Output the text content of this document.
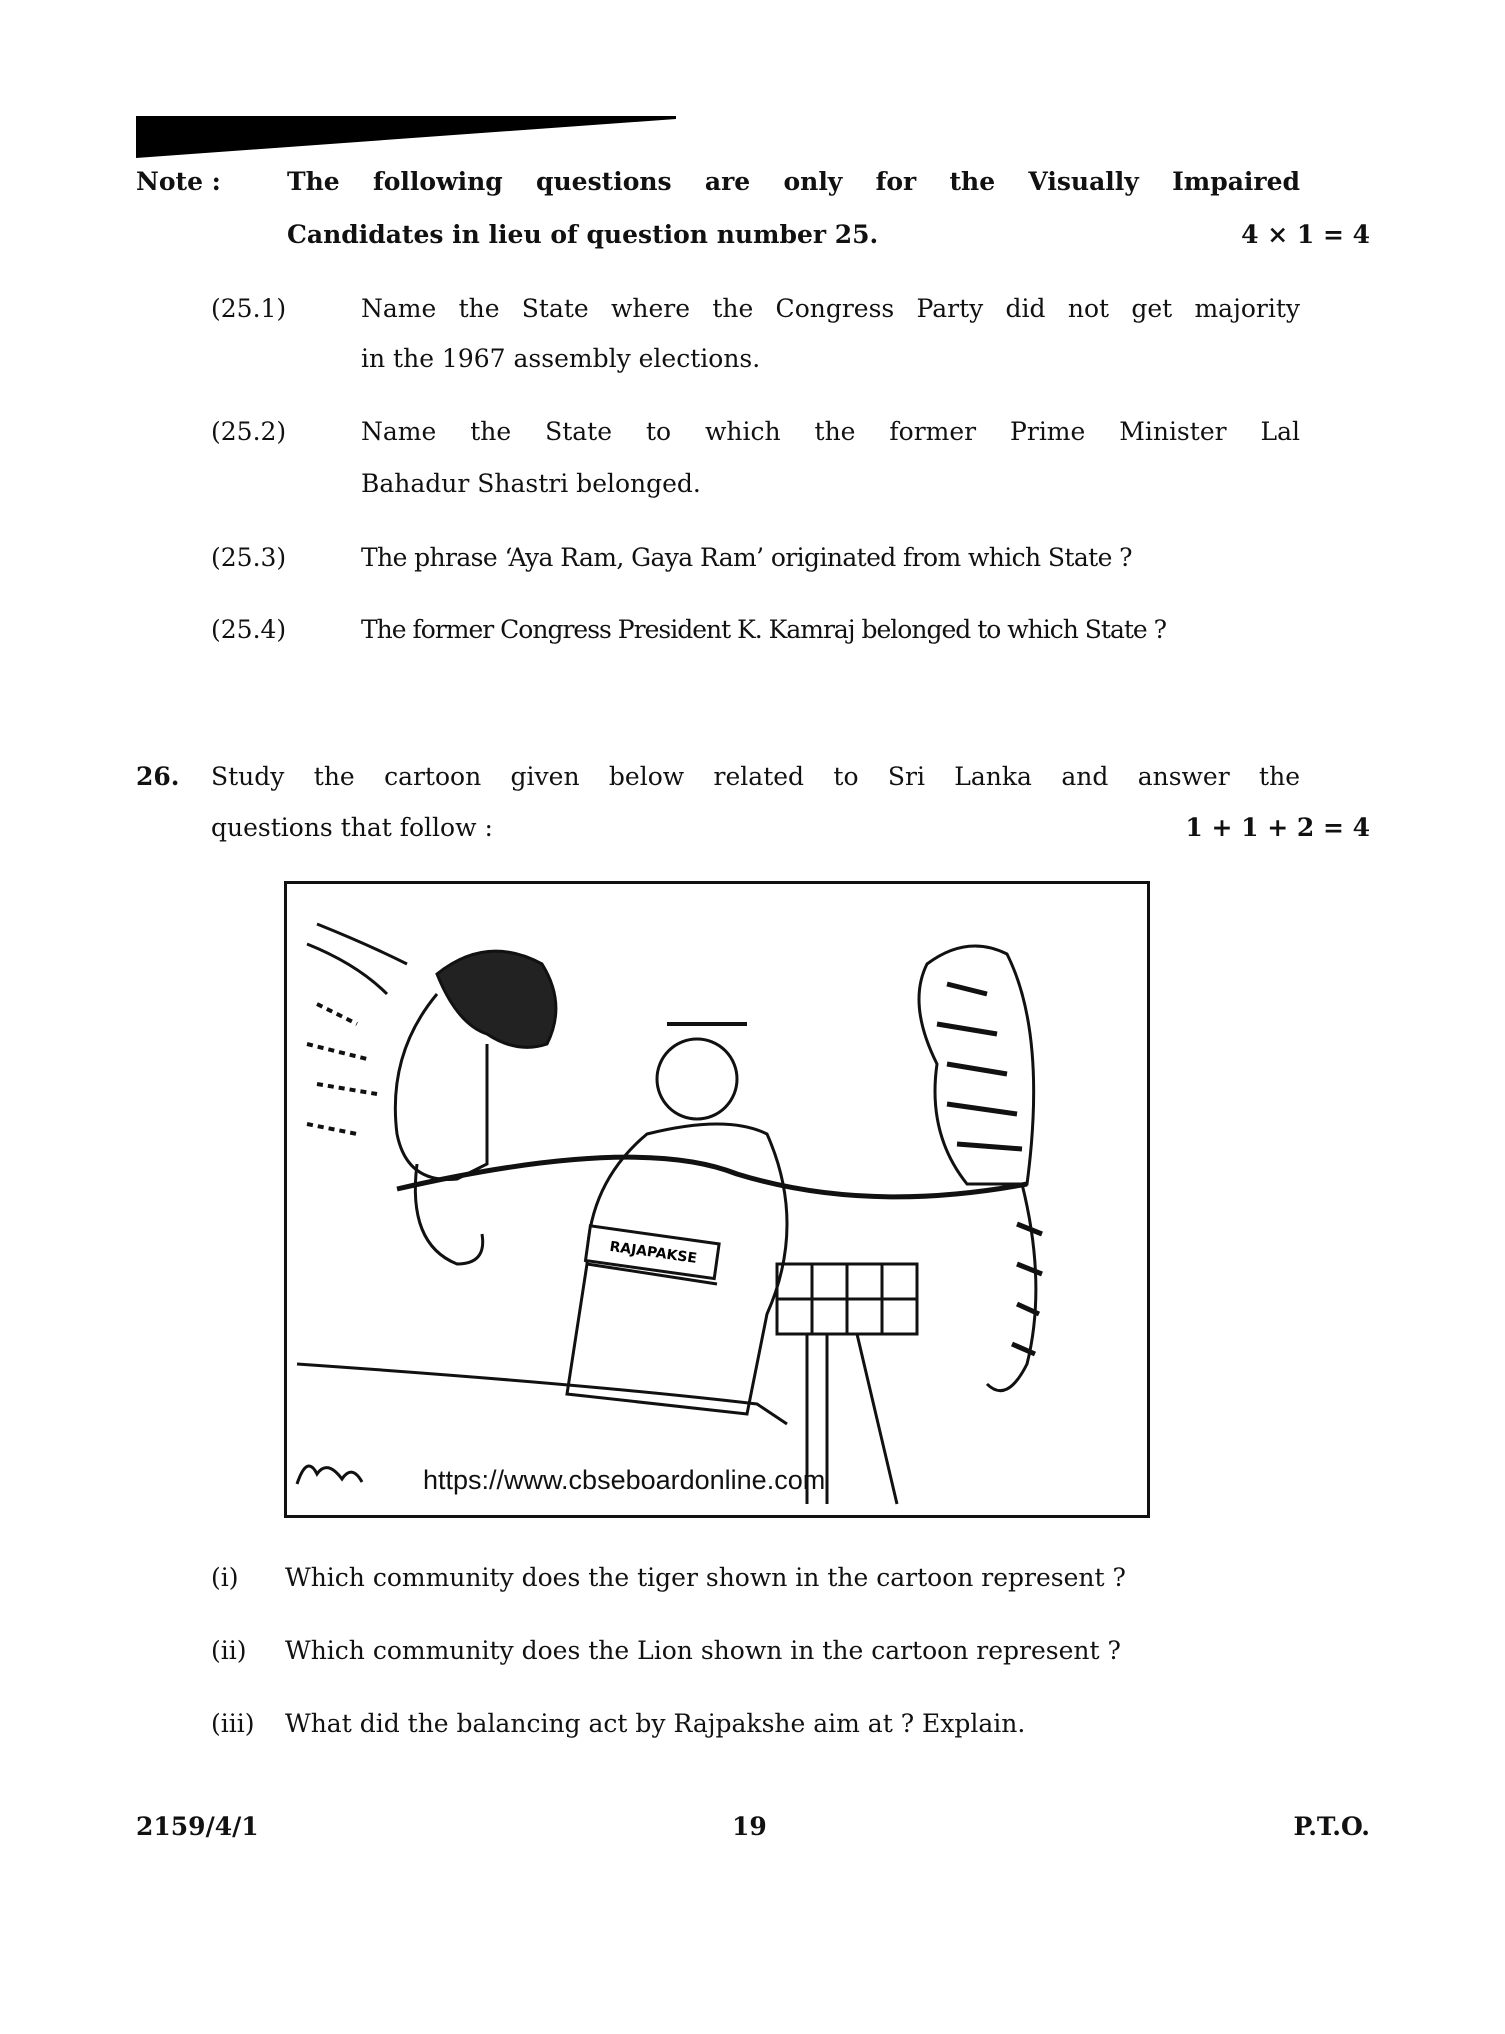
Note :	The following questions are only for the Visually Impaired
Candidates in lieu of question number 25.	4 × 1 = 4
(25.1)	Name the State where the Congress Party did not get majority
in the 1967 assembly elections.
(25.2)	Name the State to which the former Prime Minister Lal
Bahadur Shastri belonged.
(25.3)	The phrase ‘Aya Ram, Gaya Ram’ originated from which State ?
(25.4)	The former Congress President K. Kamraj belonged to which State ?
26. Study the cartoon given below related to Sri Lanka and answer the
questions that follow :	1 + 1 + 2 = 4
RAJAPAKSE
https://www.cbseboardonline.com
(i) Which community does the tiger shown in the cartoon represent ?
(ii) Which community does the Lion shown in the cartoon represent ?
(iii) What did the balancing act by Rajpakshe aim at ? Explain.
2159/4/1	19	P.T.O.
